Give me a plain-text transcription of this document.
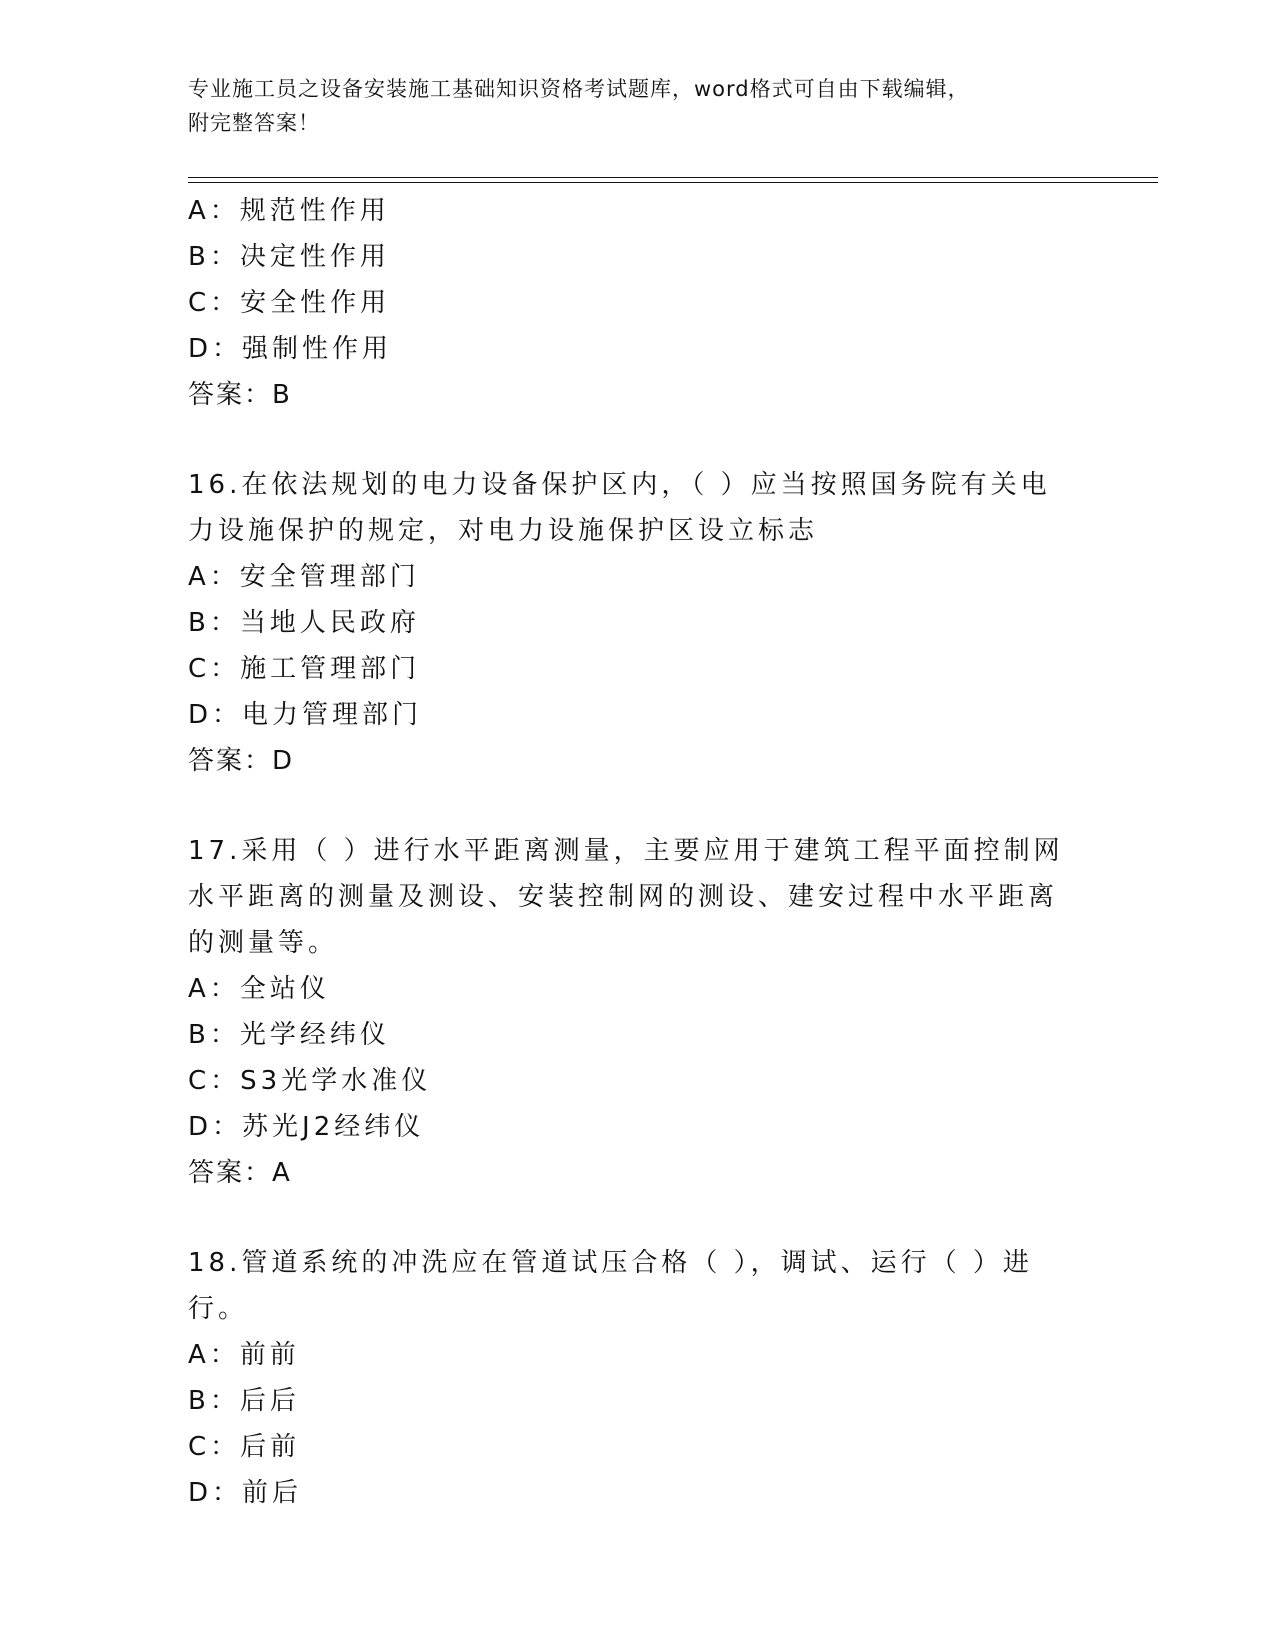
专业施工员之设备安装施工基础知识资格考试题库，word格式可自由下载编辑，
附完整答案！
A：规范性作用
B：决定性作用
C：安全性作用
D：强制性作用
答案：B
16.在依法规划的电力设备保护区内，（ ）应当按照国务院有关电力设施保护的规定，对电力设施保护区设立标志
A：安全管理部门
B：当地人民政府
C：施工管理部门
D：电力管理部门
答案：D
17.采用（ ）进行水平距离测量，主要应用于建筑工程平面控制网水平距离的测量及测设、安装控制网的测设、建安过程中水平距离的测量等。
A：全站仪
B：光学经纬仪
C：S3光学水准仪
D：苏光J2经纬仪
答案：A
18.管道系统的冲洗应在管道试压合格（ ），调试、运行（ ）进行。
A：前前
B：后后
C：后前
D：前后
